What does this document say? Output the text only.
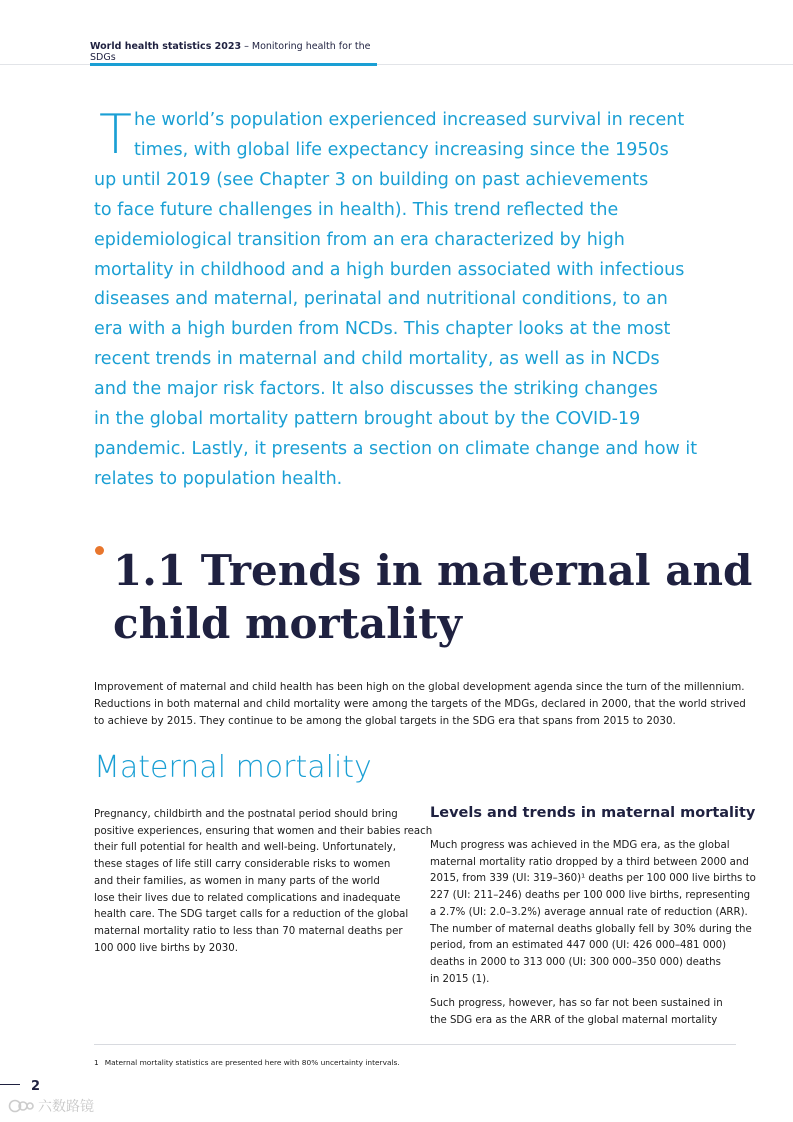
World health statistics 2023 – Monitoring health for the SDGs
T he world’s population experienced increased survival in recent
times, with global life expectancy increasing since the 1950s
up until 2019 (see Chapter 3 on building on past achievements
to face future challenges in health). This trend reflected the
epidemiological transition from an era characterized by high
mortality in childhood and a high burden associated with infectious
diseases and maternal, perinatal and nutritional conditions, to an
era with a high burden from NCDs. This chapter looks at the most
recent trends in maternal and child mortality, as well as in NCDs
and the major risk factors. It also discusses the striking changes
in the global mortality pattern brought about by the COVID-19
pandemic. Lastly, it presents a section on climate change and how it
relates to population health.
1.1 Trends in maternal and
child mortality
Improvement of maternal and child health has been high on the global development agenda since the turn of the millennium.
Reductions in both maternal and child mortality were among the targets of the MDGs, declared in 2000, that the world strived
to achieve by 2015. They continue to be among the global targets in the SDG era that spans from 2015 to 2030.
Maternal mortality
Pregnancy, childbirth and the postnatal period should bring
positive experiences, ensuring that women and their babies reach
their full potential for health and well-being. Unfortunately,
these stages of life still carry considerable risks to women
and their families, as women in many parts of the world
lose their lives due to related complications and inadequate
health care. The SDG target calls for a reduction of the global
maternal mortality ratio to less than 70 maternal deaths per
100 000 live births by 2030.
Levels and trends in maternal mortality
Much progress was achieved in the MDG era, as the global
maternal mortality ratio dropped by a third between 2000 and
2015, from 339 (UI: 319–360)¹ deaths per 100 000 live births to
227 (UI: 211–246) deaths per 100 000 live births, representing
a 2.7% (UI: 2.0–3.2%) average annual rate of reduction (ARR).
The number of maternal deaths globally fell by 30% during the
period, from an estimated 447 000 (UI: 426 000–481 000)
deaths in 2000 to 313 000 (UI: 300 000–350 000) deaths
in 2015 (1).
Such progress, however, has so far not been sustained in
the SDG era as the ARR of the global maternal mortality
1 Maternal mortality statistics are presented here with 80% uncertainty intervals.
2
六数路镜
